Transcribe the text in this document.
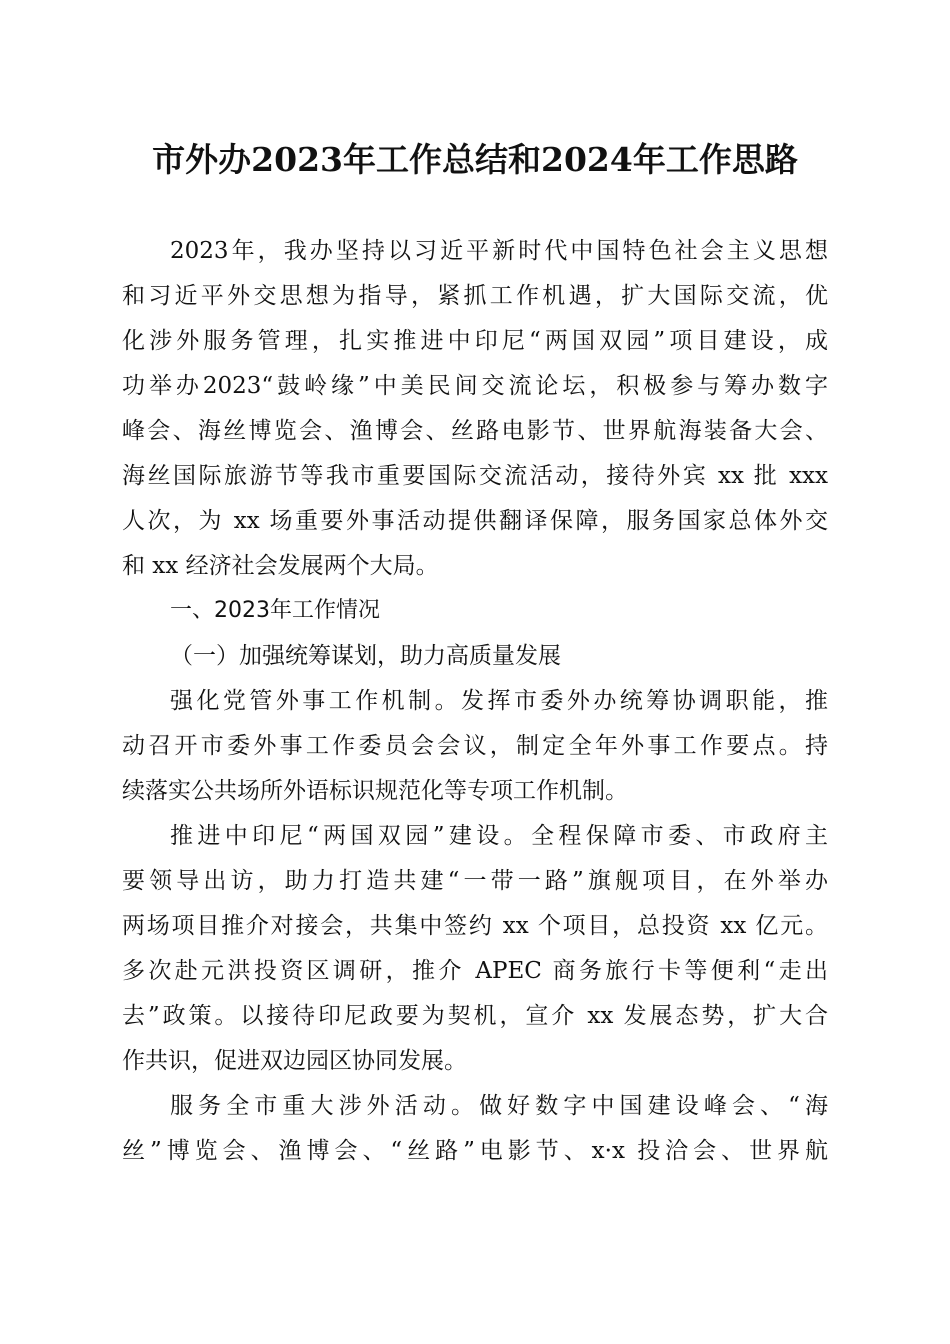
市外办2023年工作总结和2024年工作思路
2023年，我办坚持以习近平新时代中国特色社会主义思想
和习近平外交思想为指导，紧抓工作机遇，扩大国际交流，优
化涉外服务管理，扎实推进中印尼“两国双园”项目建设，成
功举办2023“鼓岭缘”中美民间交流论坛，积极参与筹办数字
峰会、海丝博览会、渔博会、丝路电影节、世界航海装备大会、
海丝国际旅游节等我市重要国际交流活动，接待外宾 xx 批 xxx
人次，为 xx 场重要外事活动提供翻译保障，服务国家总体外交
和 xx 经济社会发展两个大局。
一、2023年工作情况
（一）加强统筹谋划，助力高质量发展
强化党管外事工作机制。发挥市委外办统筹协调职能，推
动召开市委外事工作委员会会议，制定全年外事工作要点。持
续落实公共场所外语标识规范化等专项工作机制。
推进中印尼“两国双园”建设。全程保障市委、市政府主
要领导出访，助力打造共建“一带一路”旗舰项目，在外举办
两场项目推介对接会，共集中签约 xx 个项目，总投资 xx 亿元。
多次赴元洪投资区调研，推介 APEC 商务旅行卡等便利“走出
去”政策。以接待印尼政要为契机，宣介 xx 发展态势，扩大合
作共识，促进双边园区协同发展。
服务全市重大涉外活动。做好数字中国建设峰会、“海
丝”博览会、渔博会、“丝路”电影节、x·x 投洽会、世界航
